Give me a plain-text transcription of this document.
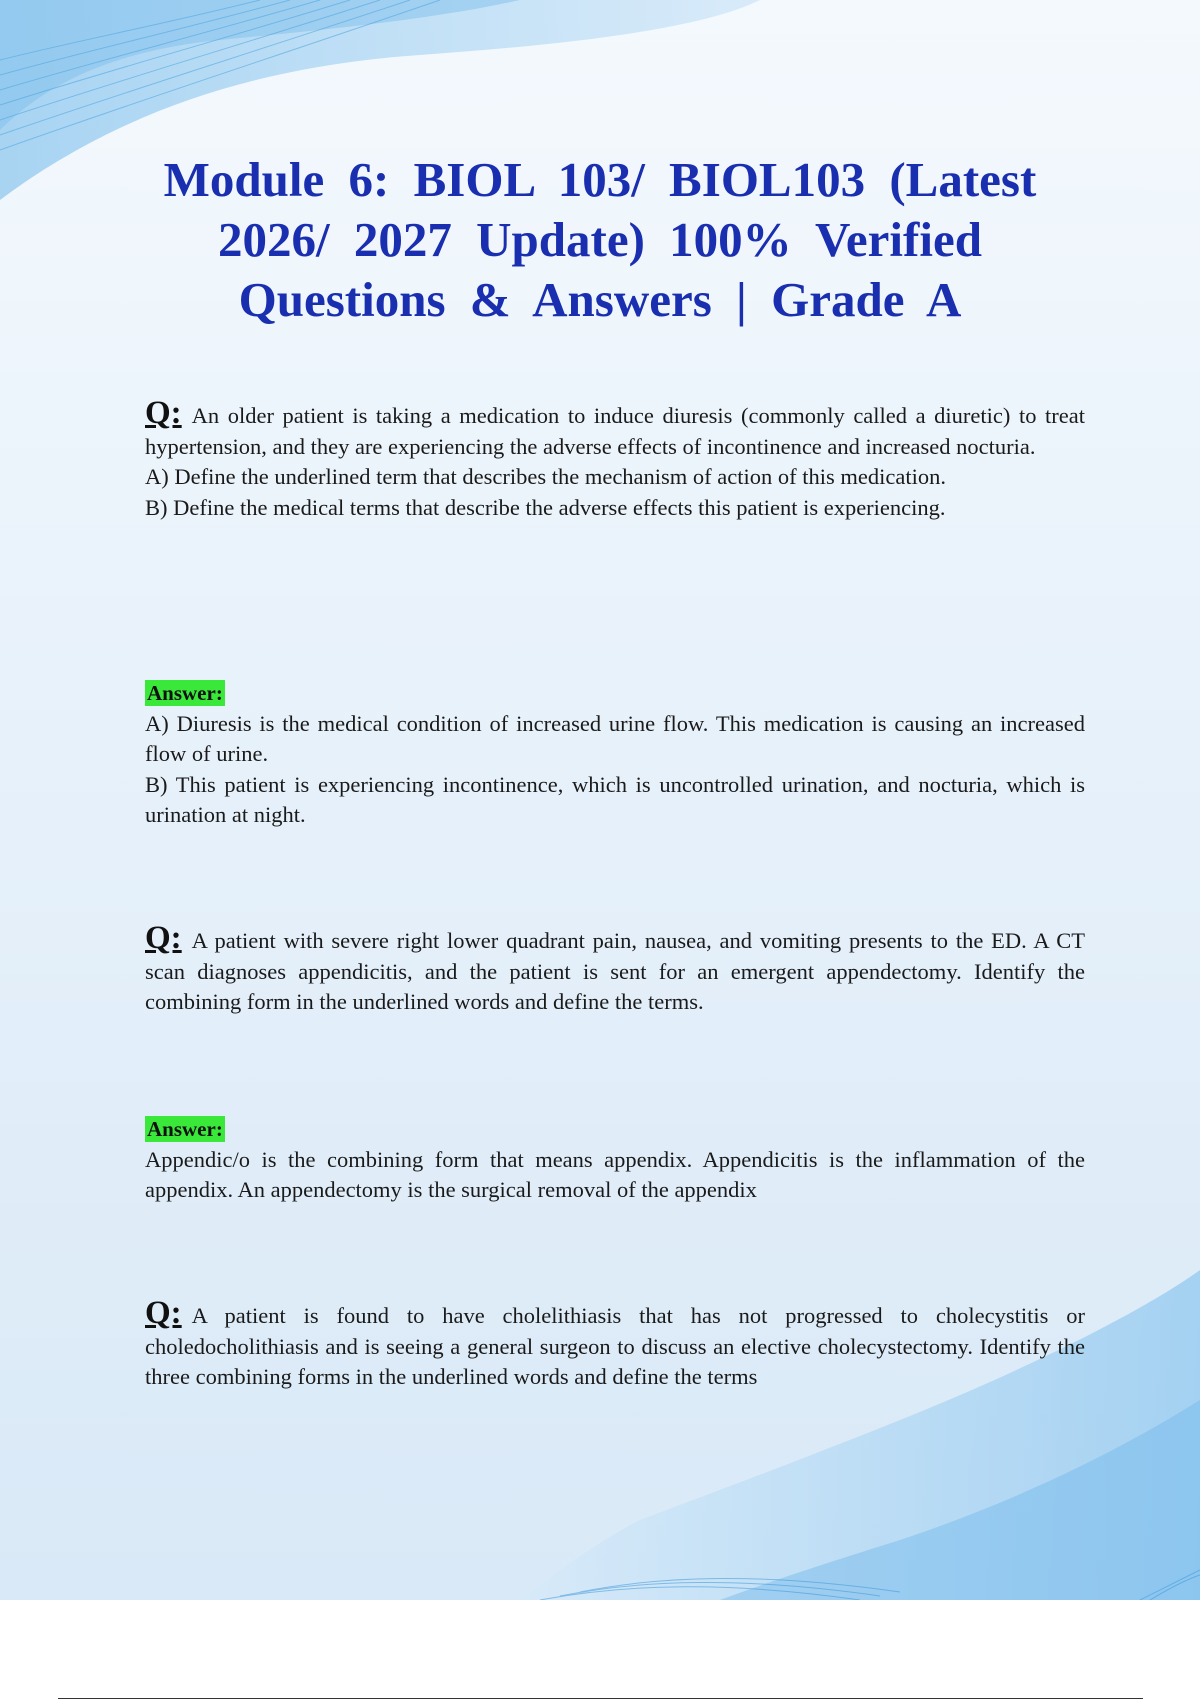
Module 6: BIOL 103/ BIOL103 (Latest 2026/ 2027 Update) 100% Verified Questions & Answers | Grade A

Q: An older patient is taking a medication to induce diuresis (commonly called a diuretic) to treat hypertension, and they are experiencing the adverse effects of incontinence and increased nocturia.

A) Define the underlined term that describes the mechanism of action of this medication.

B) Define the medical terms that describe the adverse effects this patient is experiencing.

Answer:

A) Diuresis is the medical condition of increased urine flow. This medication is causing an increased flow of urine.

B) This patient is experiencing incontinence, which is uncontrolled urination, and nocturia, which is urination at night.

Q: A patient with severe right lower quadrant pain, nausea, and vomiting presents to the ED. A CT scan diagnoses appendicitis, and the patient is sent for an emergent appendectomy. Identify the combining form in the underlined words and define the terms.

Answer:

Appendic/o is the combining form that means appendix. Appendicitis is the inflammation of the appendix. An appendectomy is the surgical removal of the appendix

Q: A patient is found to have cholelithiasis that has not progressed to cholecystitis or choledocholithiasis and is seeing a general surgeon to discuss an elective cholecystectomy. Identify the three combining forms in the underlined words and define the terms
